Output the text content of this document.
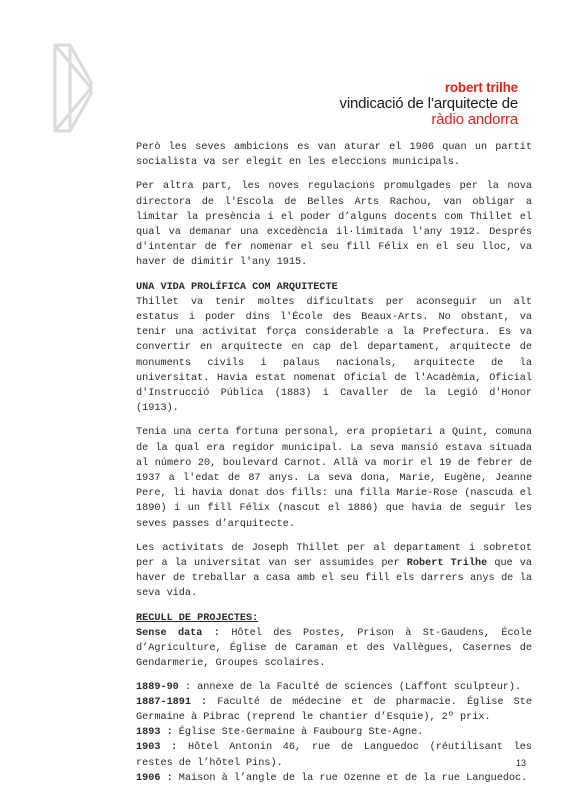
robert trilhe
vindicació de l’arquitecte de
ràdio andorra

Però les seves ambicions es van aturar el 1906 quan un partit socialista va ser elegit en les eleccions municipals.

Per altra part, les noves regulacions promulgades per la nova directora de l'Escola de Belles Arts Rachou, van obligar a limitar la presència i el poder d’alguns docents com Thillet el qual va demanar una excedència il·limitada l'any 1912. Després d'intentar de fer nomenar el seu fill Félix en el seu lloc, va haver de dimitir l'any 1915.

UNA VIDA PROLÍFICA COM ARQUITECTE

Thillet va tenir moltes dificultats per aconseguir un alt estatus i poder dins l'École des Beaux-Arts. No obstant, va tenir una activitat força considerable a la Prefectura. Es va convertir en arquitecte en cap del departament, arquitecte de monuments civils i palaus nacionals, arquitecte de la universitat. Havia estat nomenat Oficial de l'Acadèmia, Oficial d'Instrucció Pública (1883) i Cavaller de la Legió d'Honor (1913).

Tenia una certa fortuna personal, era propietari a Quint, comuna de la qual era regidor municipal. La seva mansió estava situada al número 20, boulevard Carnot. Allà va morir el 19 de febrer de 1937 a l'edat de 87 anys. La seva dona, Marie, Eugène, Jeanne Pere, li havia donat dos fills: una filla Marie-Rose (nascuda el 1890) i un fill Félix (nascut el 1886) que havia de seguir les seves passes d’arquitecte.

Les activitats de Joseph Thillet per al departament i sobretot per a la universitat van ser assumides per Robert Trilhe que va haver de treballar a casa amb el seu fill els darrers anys de la seva vida.

RECULL DE PROJECTES:

Sense data : Hôtel des Postes, Prison à St-Gaudens, École d’Agriculture, Église de Caraman et des Vallègues, Casernes de Gendarmerie, Groupes scolaires.

1889-90 : annexe de la Faculté de sciences (Laffont sculpteur).

1887-1891 : Faculté de médecine et de pharmacie. Église Ste Germaine à Pibrac (reprend le chantier d’Esquie), 2º prix.

1893 : Église Ste-Germaine à Faubourg Ste-Agne.

1903 : Hôtel Antonin 46, rue de Languedoc (réutilisant les restes de l’hôtel Pins).

1906 : Maison à l’angle de la rue Ozenne et de la rue Languedoc.

13
